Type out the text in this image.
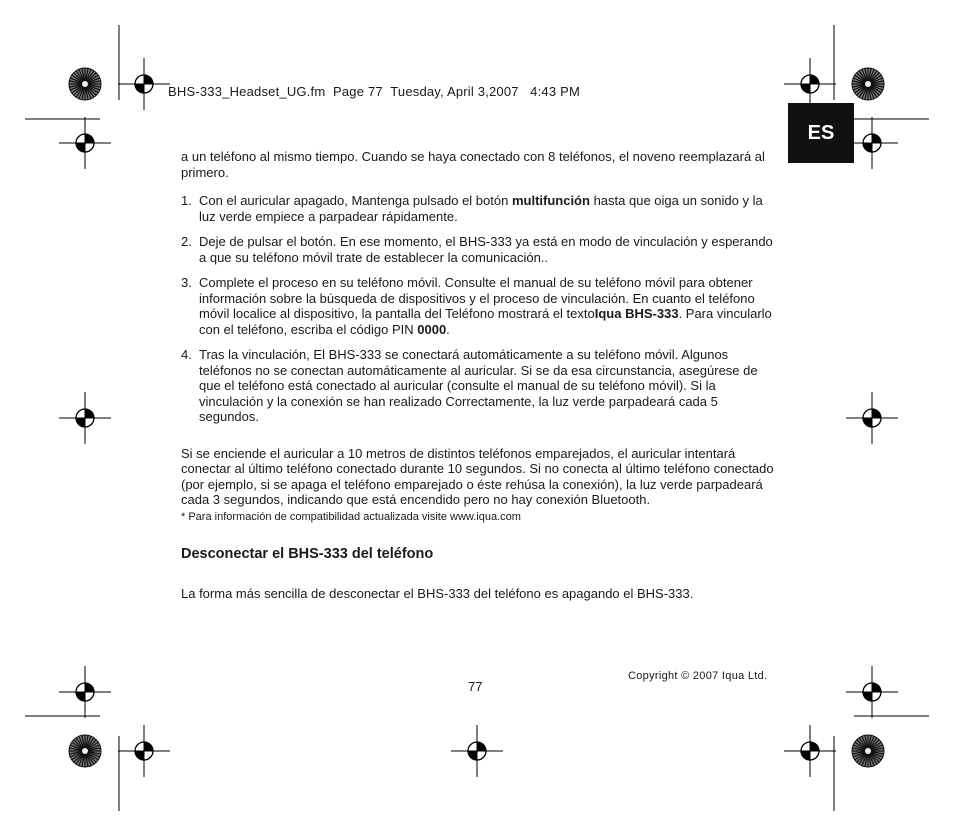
BHS-333_Headset_UG.fm  Page 77  Tuesday, April 3,2007   4:43 PM
ES

a un teléfono al mismo tiempo. Cuando se haya conectado con 8 teléfonos, el noveno reemplazará al primero.

1. Con el auricular apagado, Mantenga pulsado el botón multifunción hasta que oiga un sonido y la luz verde empiece a parpadear rápidamente.
2. Deje de pulsar el botón. En ese momento, el BHS-333 ya está en modo de vinculación y esperando a que su teléfono móvil trate de establecer la comunicación..
3. Complete el proceso en su teléfono móvil. Consulte el manual de su teléfono móvil para obtener información sobre la búsqueda de dispositivos y el proceso de vinculación. En cuanto el teléfono móvil localice al dispositivo, la pantalla del Teléfono mostrará el textoIqua BHS-333. Para vincularlo con el teléfono, escriba el código PIN 0000.
4. Tras la vinculación, El BHS-333 se conectará automáticamente a su teléfono móvil. Algunos teléfonos no se conectan automáticamente al auricular. Si se da esa circunstancia, asegúrese de que el teléfono está conectado al auricular (consulte el manual de su teléfono móvil). Si la vinculación y la conexión se han realizado Correctamente, la luz verde parpadeará cada 5 segundos.

Si se enciende el auricular a 10 metros de distintos teléfonos emparejados, el auricular intentará conectar al último teléfono conectado durante 10 segundos. Si no conecta al último teléfono conectado (por ejemplo, si se apaga el teléfono emparejado o éste rehúsa la conexión), la luz verde parpadeará cada 3 segundos, indicando que está encendido pero no hay conexión Bluetooth.

* Para información de compatibilidad actualizada visite www.iqua.com

Desconectar el BHS-333 del teléfono

La forma más sencilla de desconectar el BHS-333 del teléfono es apagando el BHS-333.

77
Copyright © 2007 Iqua Ltd.
